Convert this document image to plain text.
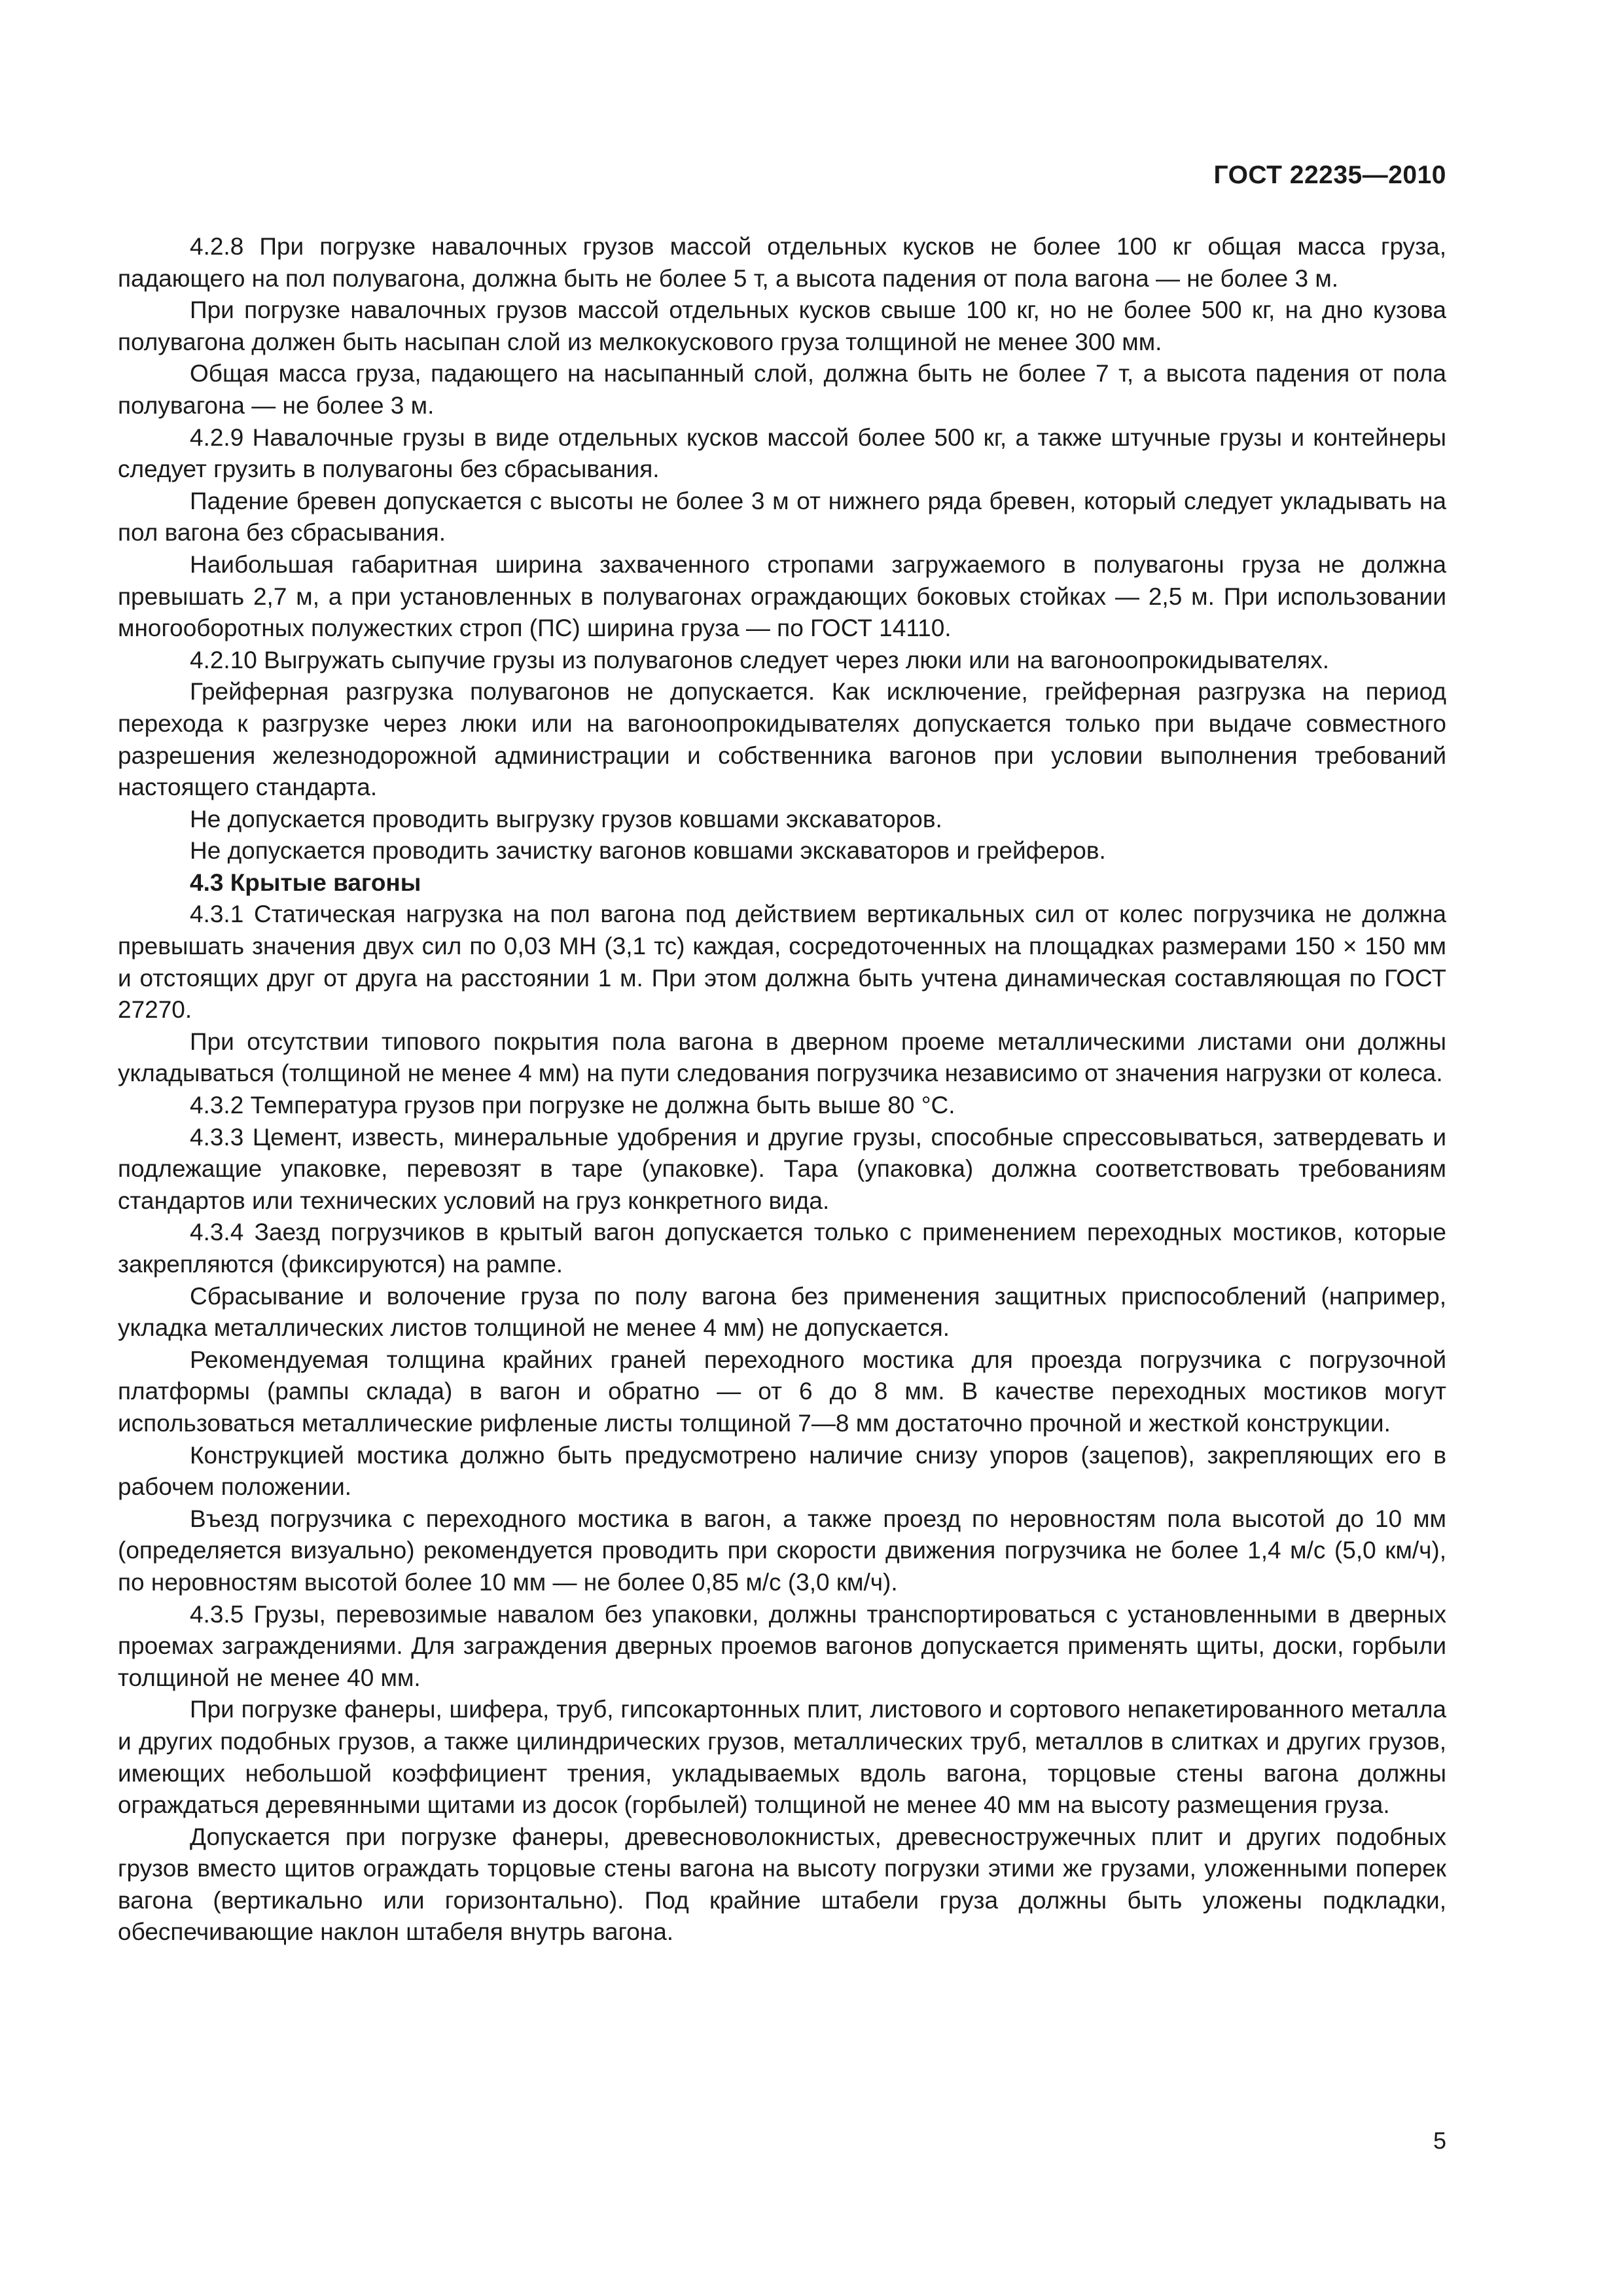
ГОСТ 22235—2010

4.2.8 При погрузке навалочных грузов массой отдельных кусков не более 100 кг общая масса груза, падающего на пол полувагона, должна быть не более 5 т, а высота падения от пола вагона — не более 3 м.

При погрузке навалочных грузов массой отдельных кусков свыше 100 кг, но не более 500 кг, на дно кузова полувагона должен быть насыпан слой из мелкокускового груза толщиной не менее 300 мм.

Общая масса груза, падающего на насыпанный слой, должна быть не более 7 т, а высота падения от пола полувагона — не более 3 м.

4.2.9 Навалочные грузы в виде отдельных кусков массой более 500 кг, а также штучные грузы и контейнеры следует грузить в полувагоны без сбрасывания.

Падение бревен допускается с высоты не более 3 м от нижнего ряда бревен, который следует укладывать на пол вагона без сбрасывания.

Наибольшая габаритная ширина захваченного стропами загружаемого в полувагоны груза не должна превышать 2,7 м, а при установленных в полувагонах ограждающих боковых стойках — 2,5 м. При использовании многооборотных полужестких строп (ПС) ширина груза — по ГОСТ 14110.

4.2.10 Выгружать сыпучие грузы из полувагонов следует через люки или на вагоноопрокидывателях.

Грейферная разгрузка полувагонов не допускается. Как исключение, грейферная разгрузка на период перехода к разгрузке через люки или на вагоноопрокидывателях допускается только при выдаче совместного разрешения железнодорожной администрации и собственника вагонов при условии выполнения требований настоящего стандарта.

Не допускается проводить выгрузку грузов ковшами экскаваторов.

Не допускается проводить зачистку вагонов ковшами экскаваторов и грейферов.

4.3 Крытые вагоны

4.3.1 Статическая нагрузка на пол вагона под действием вертикальных сил от колес погрузчика не должна превышать значения двух сил по 0,03 МН (3,1 тс) каждая, сосредоточенных на площадках размерами 150 × 150 мм и отстоящих друг от друга на расстоянии 1 м. При этом должна быть учтена динамическая составляющая по ГОСТ 27270.

При отсутствии типового покрытия пола вагона в дверном проеме металлическими листами они должны укладываться (толщиной не менее 4 мм) на пути следования погрузчика независимо от значения нагрузки от колеса.

4.3.2 Температура грузов при погрузке не должна быть выше 80 °С.

4.3.3 Цемент, известь, минеральные удобрения и другие грузы, способные спрессовываться, затвердевать и подлежащие упаковке, перевозят в таре (упаковке). Тара (упаковка) должна соответствовать требованиям стандартов или технических условий на груз конкретного вида.

4.3.4 Заезд погрузчиков в крытый вагон допускается только с применением переходных мостиков, которые закрепляются (фиксируются) на рампе.

Сбрасывание и волочение груза по полу вагона без применения защитных приспособлений (например, укладка металлических листов толщиной не менее 4 мм) не допускается.

Рекомендуемая толщина крайних граней переходного мостика для проезда погрузчика с погрузочной платформы (рампы склада) в вагон и обратно — от 6 до 8 мм. В качестве переходных мостиков могут использоваться металлические рифленые листы толщиной 7—8 мм достаточно прочной и жесткой конструкции.

Конструкцией мостика должно быть предусмотрено наличие снизу упоров (зацепов), закрепляющих его в рабочем положении.

Въезд погрузчика с переходного мостика в вагон, а также проезд по неровностям пола высотой до 10 мм (определяется визуально) рекомендуется проводить при скорости движения погрузчика не более 1,4 м/с (5,0 км/ч), по неровностям высотой более 10 мм — не более 0,85 м/с (3,0 км/ч).

4.3.5 Грузы, перевозимые навалом без упаковки, должны транспортироваться с установленными в дверных проемах заграждениями. Для заграждения дверных проемов вагонов допускается применять щиты, доски, горбыли толщиной не менее 40 мм.

При погрузке фанеры, шифера, труб, гипсокартонных плит, листового и сортового непакетированного металла и других подобных грузов, а также цилиндрических грузов, металлических труб, металлов в слитках и других грузов, имеющих небольшой коэффициент трения, укладываемых вдоль вагона, торцовые стены вагона должны ограждаться деревянными щитами из досок (горбылей) толщиной не менее 40 мм на высоту размещения груза.

Допускается при погрузке фанеры, древесноволокнистых, древесностружечных плит и других подобных грузов вместо щитов ограждать торцовые стены вагона на высоту погрузки этими же грузами, уложенными поперек вагона (вертикально или горизонтально). Под крайние штабели груза должны быть уложены подкладки, обеспечивающие наклон штабеля внутрь вагона.

5
